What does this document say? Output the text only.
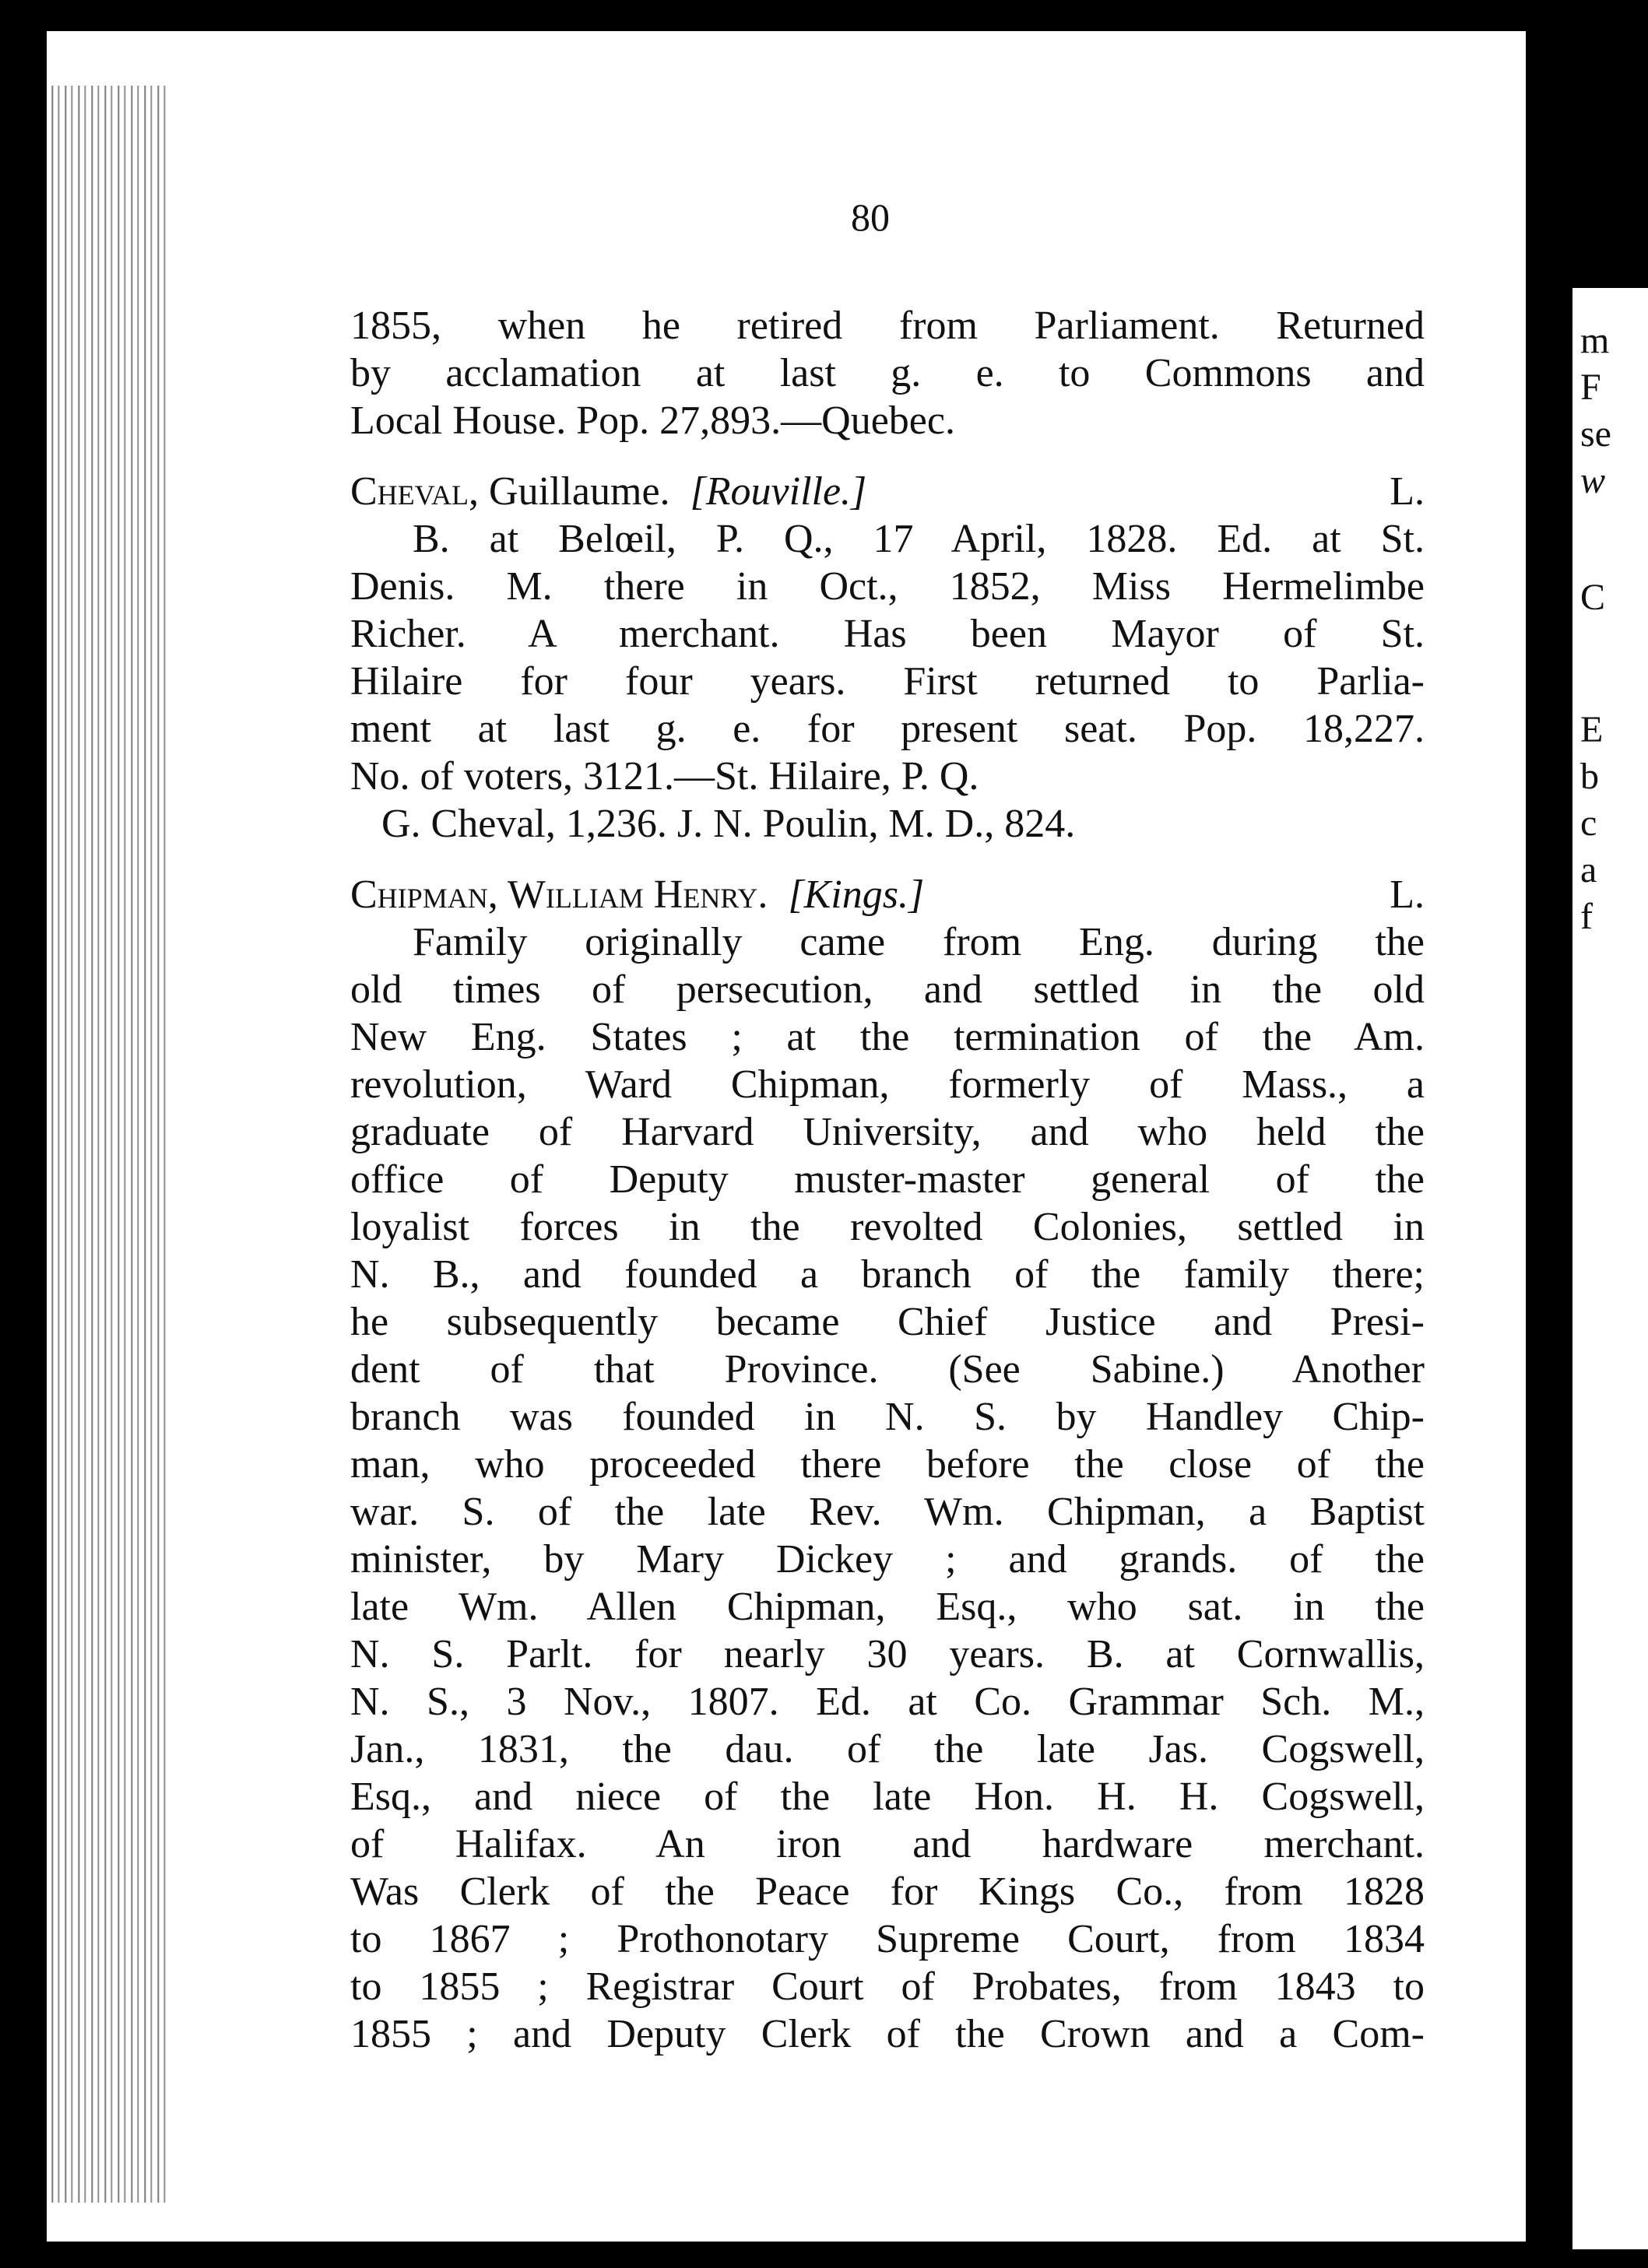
m
F
se
w
C
E
b
c
a
f
80
1855, when he retired from Parliament. Returned
by acclamation at last g. e. to Commons and
Local House. Pop. 27,893.—Quebec.
Cheval, Guillaume. [Rouville.]	L.
B. at Belœil, P. Q., 17 April, 1828. Ed. at St.
Denis. M. there in Oct., 1852, Miss Hermelimbe
Richer. A merchant. Has been Mayor of St.
Hilaire for four years. First returned to Parlia-
ment at last g. e. for present seat. Pop. 18,227.
No. of voters, 3121.—St. Hilaire, P. Q.
G. Cheval, 1,236. J. N. Poulin, M. D., 824.
Chipman, William Henry. [Kings.]	L.
Family originally came from Eng. during the
old times of persecution, and settled in the old
New Eng. States ; at the termination of the Am.
revolution, Ward Chipman, formerly of Mass., a
graduate of Harvard University, and who held the
office of Deputy muster-master general of the
loyalist forces in the revolted Colonies, settled in
N. B., and founded a branch of the family there;
he subsequently became Chief Justice and Presi-
dent of that Province. (See Sabine.) Another
branch was founded in N. S. by Handley Chip-
man, who proceeded there before the close of the
war. S. of the late Rev. Wm. Chipman, a Baptist
minister, by Mary Dickey ; and grands. of the
late Wm. Allen Chipman, Esq., who sat. in the
N. S. Parlt. for nearly 30 years. B. at Cornwallis,
N. S., 3 Nov., 1807. Ed. at Co. Grammar Sch. M.,
Jan., 1831, the dau. of the late Jas. Cogswell,
Esq., and niece of the late Hon. H. H. Cogswell,
of Halifax. An iron and hardware merchant.
Was Clerk of the Peace for Kings Co., from 1828
to 1867 ; Prothonotary Supreme Court, from 1834
to 1855 ; Registrar Court of Probates, from 1843 to
1855 ; and Deputy Clerk of the Crown and a Com-
